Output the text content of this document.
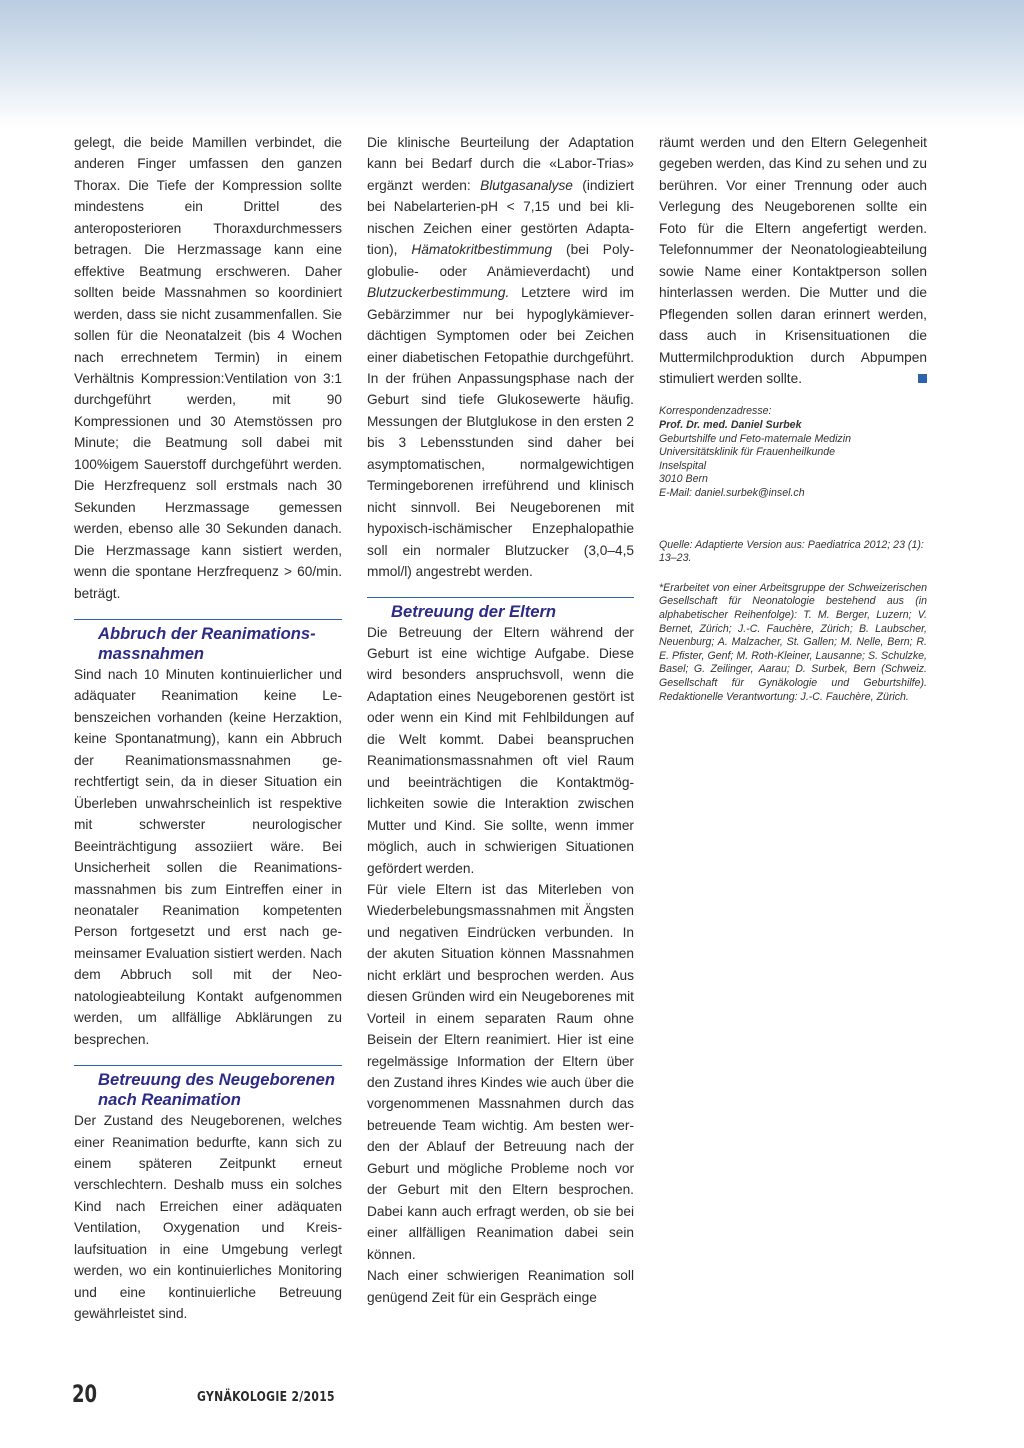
gelegt, die beide Mamillen verbindet, die anderen Finger umfassen den ganzen Thorax. Die Tiefe der Kompression sollte mindestens ein Drittel des anteroposterioren Thoraxdurchmessers betragen. Die Herzmassage kann eine effektive Beatmung erschweren. Daher sollten beide Massnahmen so koordiniert werden, dass sie nicht zusammenfallen. Sie sollen für die Neonatalzeit (bis 4 Wochen nach errechnetem Termin) in einem Verhältnis Kompression:Ventilation von 3:1 durchgeführt werden, mit 90 Kompressionen und 30 Atemstössen pro Minute; die Beatmung soll dabei mit 100%igem Sauerstoff durchgeführt werden. Die Herzfrequenz soll erstmals nach 30 Sekunden Herzmassage gemessen werden, ebenso alle 30 Sekunden danach. Die Herzmassage kann sistiert werden, wenn die spontane Herzfrequenz > 60/min. beträgt.

Abbruch der Reanimationsmassnahmen

Sind nach 10 Minuten kontinuierlicher und adäquater Reanimation keine Lebenszeichen vorhanden (keine Herzaktion, keine Spontanatmung), kann ein Abbruch der Reanimationsmassnahmen gerechtfertigt sein, da in dieser Situation ein Überleben unwahrscheinlich ist respektive mit schwerster neurologischer Beeinträchtigung assoziiert wäre. Bei Unsicherheit sollen die Reanimationsmassnahmen bis zum Eintreffen einer in neonataler Reanimation kompetenten Person fortgesetzt und erst nach gemeinsamer Evaluation sistiert werden. Nach dem Abbruch soll mit der Neonatologieabteilung Kontakt aufgenommen werden, um allfällige Abklärungen zu besprechen.

Betreuung des Neugeborenen nach Reanimation

Der Zustand des Neugeborenen, welches einer Reanimation bedurfte, kann sich zu einem späteren Zeitpunkt erneut verschlechtern. Deshalb muss ein solches Kind nach Erreichen einer adäquaten Ventilation, Oxygenation und Kreislaufsituation in eine Umgebung verlegt werden, wo ein kontinuierliches Monitoring und eine kontinuierliche Betreuung gewährleistet sind.

Die klinische Beurteilung der Adaptation kann bei Bedarf durch die «Labor-Trias» ergänzt werden: Blutgasanalyse (indiziert bei Nabelarterien-pH < 7,15 und bei klinischen Zeichen einer gestörten Adaptation), Hämatokritbestimmung (bei Polyglobulie- oder Anämieverdacht) und Blutzuckerbestimmung. Letztere wird im Gebärzimmer nur bei hypoglykämieverdächtigen Symptomen oder bei Zeichen einer diabetischen Fetopathie durchgeführt. In der frühen Anpassungsphase nach der Geburt sind tiefe Glukosewerte häufig. Messungen der Blutglukose in den ersten 2 bis 3 Lebensstunden sind daher bei asymptomatischen, normalgewichtigen Termingeborenen irreführend und klinisch nicht sinnvoll. Bei Neugeborenen mit hypoxisch-ischämischer Enzephalopathie soll ein normaler Blutzucker (3,0–4,5 mmol/l) angestrebt werden.

Betreuung der Eltern

Die Betreuung der Eltern während der Geburt ist eine wichtige Aufgabe. Diese wird besonders anspruchsvoll, wenn die Adaptation eines Neugeborenen gestört ist oder wenn ein Kind mit Fehlbildungen auf die Welt kommt. Dabei beanspruchen Reanimationsmassnahmen oft viel Raum und beeinträchtigen die Kontaktmöglichkeiten sowie die Interaktion zwischen Mutter und Kind. Sie sollte, wenn immer möglich, auch in schwierigen Situationen gefördert werden.

Für viele Eltern ist das Miterleben von Wiederbelebungsmassnahmen mit Ängsten und negativen Eindrücken verbunden. In der akuten Situation können Massnahmen nicht erklärt und besprochen werden. Aus diesen Gründen wird ein Neugeborenes mit Vorteil in einem separaten Raum ohne Beisein der Eltern reanimiert. Hier ist eine regelmässige Information der Eltern über den Zustand ihres Kindes wie auch über die vorgenommenen Massnahmen durch das betreuende Team wichtig. Am besten werden der Ablauf der Betreuung nach der Geburt und mögliche Probleme noch vor der Geburt mit den Eltern besprochen. Dabei kann auch erfragt werden, ob sie bei einer allfälligen Reanimation dabei sein können.

Nach einer schwierigen Reanimation soll genügend Zeit für ein Gespräch einge

räumt werden und den Eltern Gelegenheit gegeben werden, das Kind zu sehen und zu berühren. Vor einer Trennung oder auch Verlegung des Neugeborenen sollte ein Foto für die Eltern angefertigt werden. Telefonnummer der Neonatologieabteilung sowie Name einer Kontaktperson sollen hinterlassen werden. Die Mutter und die Pflegenden sollen daran erinnert werden, dass auch in Krisensituationen die Muttermilchproduktion durch Abpumpen stimuliert werden sollte.

Korrespondenzadresse:

Prof. Dr. med. Daniel Surbek

Geburtshilfe und Feto-maternale Medizin

Universitätsklinik für Frauenheilkunde

Inselspital

3010 Bern

E-Mail: daniel.surbek@insel.ch

Quelle: Adaptierte Version aus: Paediatrica 2012; 23 (1): 13–23.

*Erarbeitet von einer Arbeitsgruppe der Schweizerischen Gesellschaft für Neonatologie bestehend aus (in alphabetischer Reihenfolge): T. M. Berger, Luzern; V. Bernet, Zürich; J.-C. Fauchère, Zürich; B. Laubscher, Neuenburg; A. Malzacher, St. Gallen; M. Nelle, Bern; R. E. Pfister, Genf; M. Roth-Kleiner, Lausanne; S. Schulzke, Basel; G. Zeilinger, Aarau; D. Surbek, Bern (Schweiz. Gesellschaft für Gynäkologie und Geburtshilfe). Redaktionelle Verantwortung: J.-C. Fauchère, Zürich.

20	GYNÄKOLOGIE 2/2015
